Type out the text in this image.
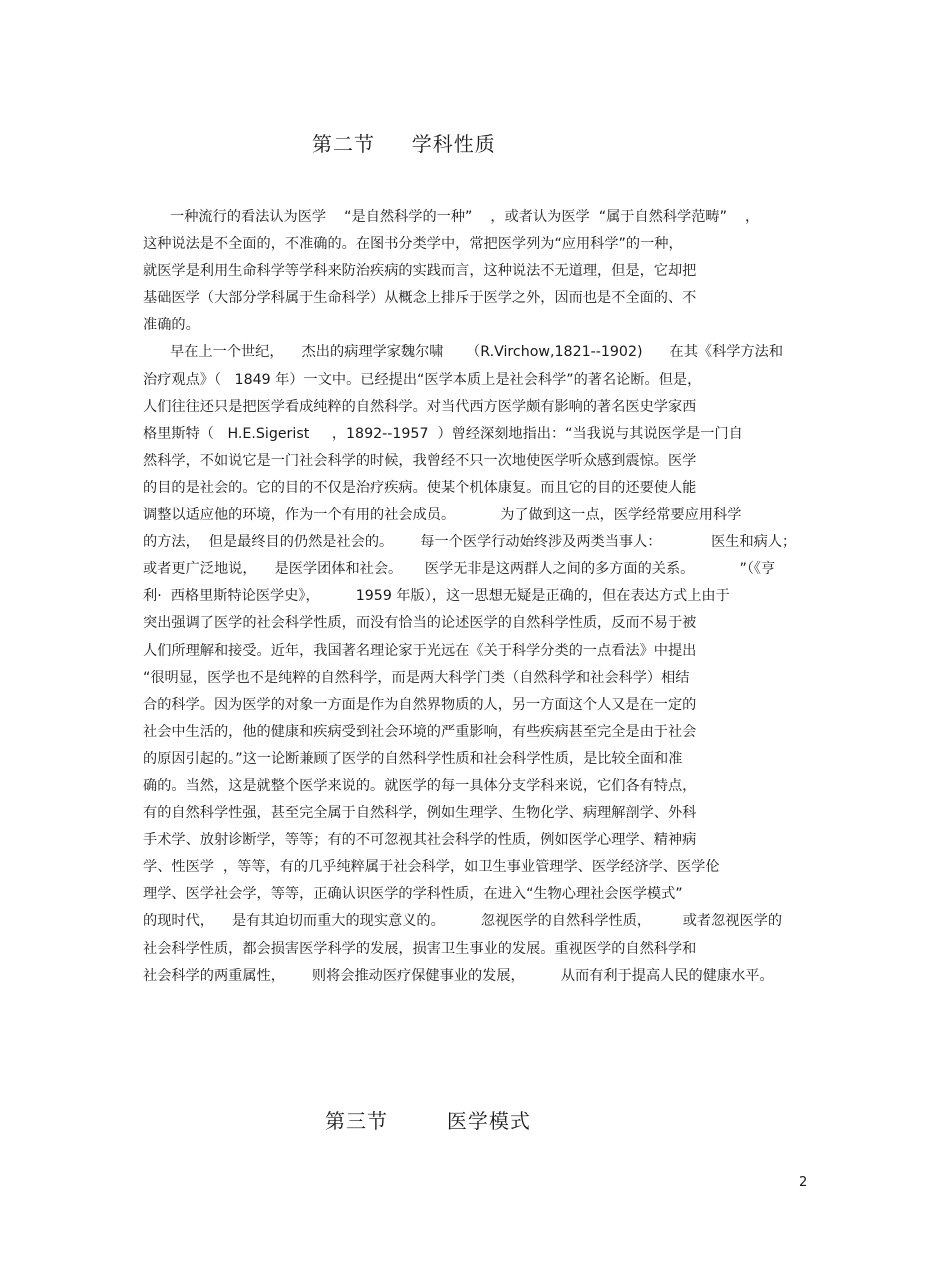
第二节     学科性质
一种流行的看法认为医学    “是自然科学的一种”    ，或者认为医学  “属于自然科学范畴”    ，
这种说法是不全面的，不准确的。在图书分类学中，常把医学列为“应用科学”的一种，
就医学是利用生命科学等学科来防治疾病的实践而言，这种说法不无道理，但是，它却把
基础医学（大部分学科属于生命科学）从概念上排斥于医学之外，因而也是不全面的、不
准确的。
早在上一个世纪，    杰出的病理学家魏尔啸     （R.Virchow,1821--1902)      在其《科学方法和
治疗观点》（   1849 年）一文中。已经提出“医学本质上是社会科学”的著名论断。但是，
人们往往还只是把医学看成纯粹的自然科学。对当代西方医学颇有影响的著名医史学家西
格里斯特（   H.E.Sigerist     ，1892--1957  ）曾经深刻地指出：“当我说与其说医学是一门自
然科学，不如说它是一门社会科学的时候，我曾经不只一次地使医学听众感到震惊。医学
的目的是社会的。它的目的不仅是治疗疾病。使某个机体康复。而且它的目的还要使人能
调整以适应他的环境，作为一个有用的社会成员。          为了做到这一点，医学经常要应用科学
的方法，  但是最终目的仍然是社会的。      每一个医学行动始终涉及两类当事人：           医生和病人；
或者更广泛地说，    是医学团体和社会。     医学无非是这两群人之间的多方面的关系。          ”（《亨
利·  西格里斯特论医学史》，        1959 年版），这一思想无疑是正确的，但在表达方式上由于
突出强调了医学的社会科学性质，而没有恰当的论述医学的自然科学性质，反而不易于被
人们所理解和接受。近年，我国著名理论家于光远在《关于科学分类的一点看法》中提出
“很明显，医学也不是纯粹的自然科学，而是两大科学门类（自然科学和社会科学）相结
合的科学。因为医学的对象一方面是作为自然界物质的人，另一方面这个人又是在一定的
社会中生活的，他的健康和疾病受到社会环境的严重影响，有些疾病甚至完全是由于社会
的原因引起的。”这一论断兼顾了医学的自然科学性质和社会科学性质，是比较全面和准
确的。当然，这是就整个医学来说的。就医学的每一具体分支学科来说，它们各有特点，
有的自然科学性强，甚至完全属于自然科学，例如生理学、生物化学、病理解剖学、外科
手术学、放射诊断学，等等；有的不可忽视其社会科学的性质，例如医学心理学、精神病
学、性医学  ，等等，有的几乎纯粹属于社会科学，如卫生事业管理学、医学经济学、医学伦
理学、医学社会学，等等，正确认识医学的学科性质，在进入“生物心理社会医学模式”
的现时代，    是有其迫切而重大的现实意义的。        忽视医学的自然科学性质，       或者忽视医学的
社会科学性质，都会损害医学科学的发展，损害卫生事业的发展。重视医学的自然科学和
社会科学的两重属性，      则将会推动医疗保健事业的发展，        从而有利于提高人民的健康水平。
第三节        医学模式
2
